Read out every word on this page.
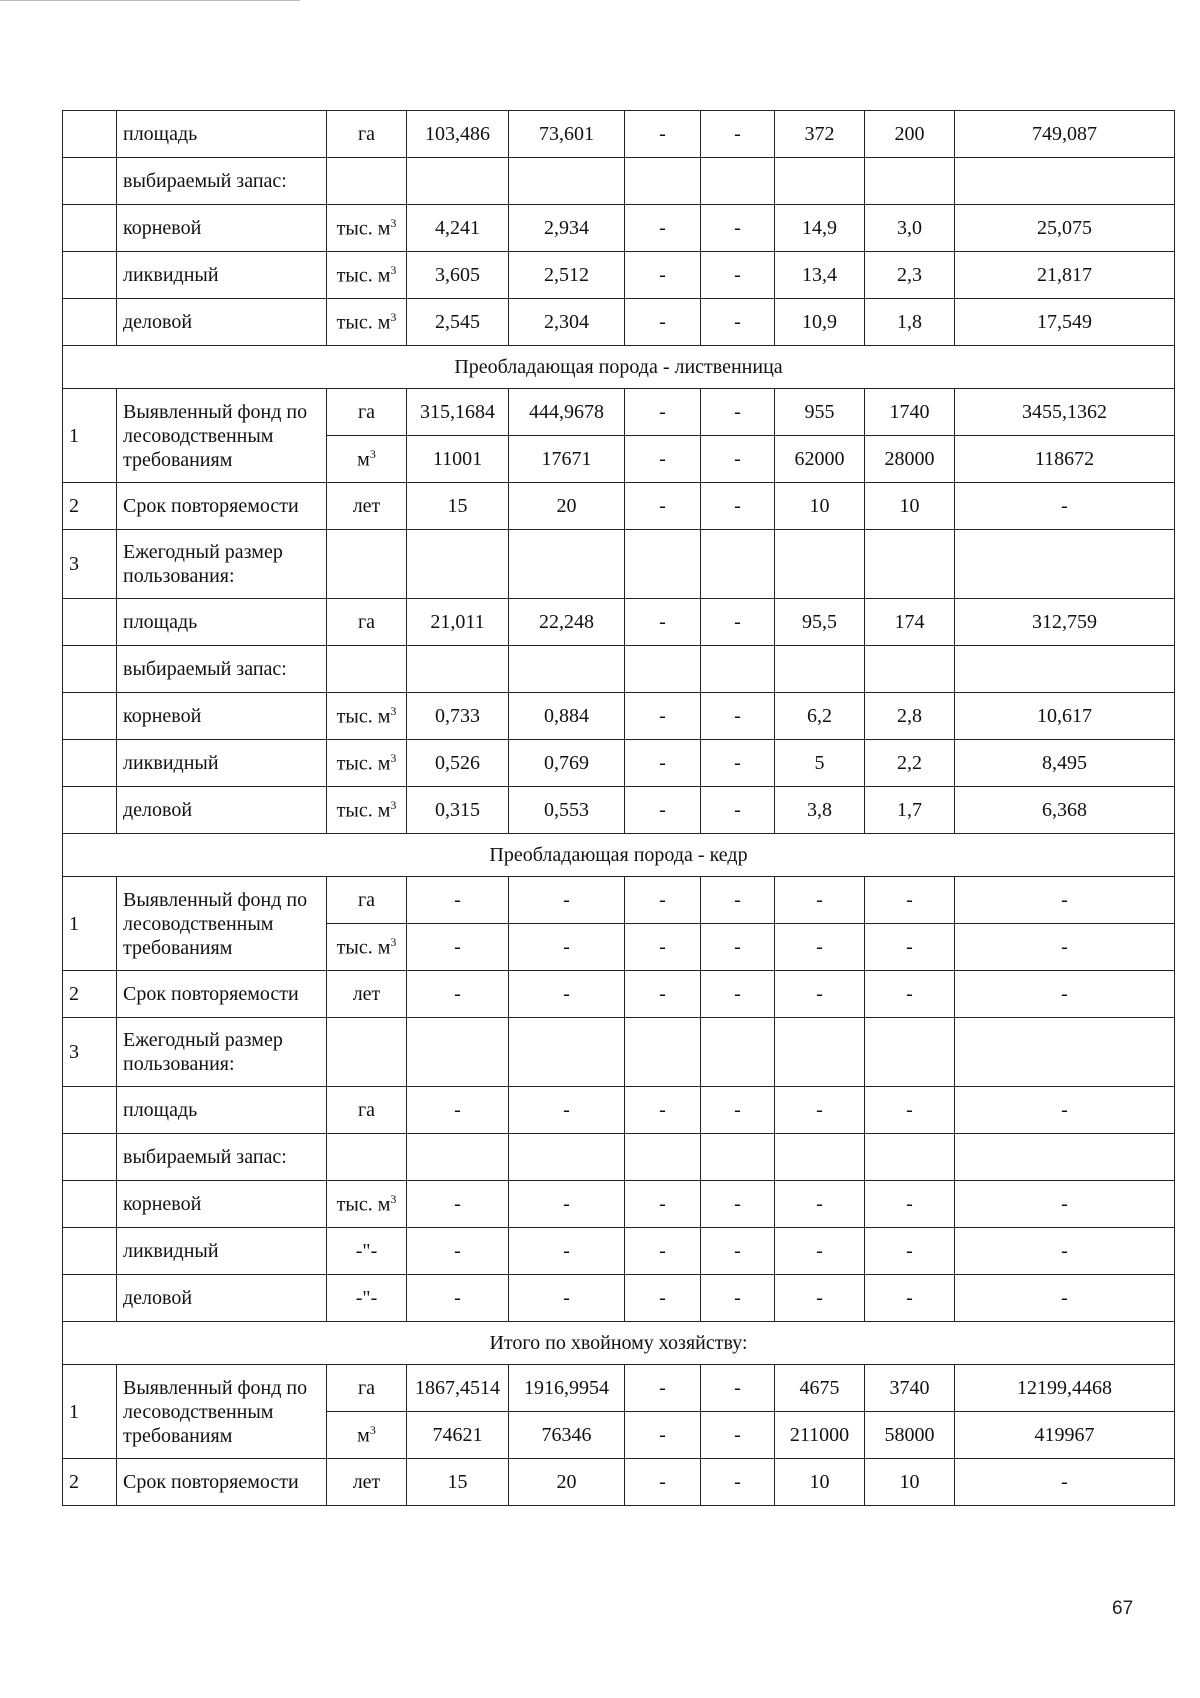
	площадь	га	103,486	73,601	-	-	372	200	749,087
	выбираемый запас:								
	корневой	тыс. $м^3$	4,241	2,934	-	-	14,9	3,0	25,075
	ликвидный	тыс. $м^3$	3,605	2,512	-	-	13,4	2,3	21,817
	деловой	тыс. $м^3$	2,545	2,304	-	-	10,9	1,8	17,549
Преобладающая порода - лиственница									
1	Выявленный фонд по лесоводственным требованиям	га	315,1684	444,9678	-	-	955	1740	3455,1362
		$м^3$	11001	17671	-	-	62000	28000	118672
2	Срок повторяемости	лет	15	20	-	-	10	10	-
3	Ежегодный размер пользования:								
	площадь	га	21,011	22,248	-	-	95,5	174	312,759
	выбираемый запас:								
	корневой	тыс. $м^3$	0,733	0,884	-	-	6,2	2,8	10,617
	ликвидный	тыс. $м^3$	0,526	0,769	-	-	5	2,2	8,495
	деловой	тыс. $м^3$	0,315	0,553	-	-	3,8	1,7	6,368
Преобладающая порода - кедр									
1	Выявленный фонд по лесоводственным требованиям	га	-	-	-	-	-	-	-
		тыс. $м^3$	-	-	-	-	-	-	-
2	Срок повторяемости	лет	-	-	-	-	-	-	-
3	Ежегодный размер пользования:								
	площадь	га	-	-	-	-	-	-	-
	выбираемый запас:								
	корневой	тыс. $м^3$	-	-	-	-	-	-	-
	ликвидный	-"-	-	-	-	-	-	-	-
	деловой	-"-	-	-	-	-	-	-	-
Итого по хвойному хозяйству:									
1	Выявленный фонд по лесоводственным требованиям	га	1867,4514	1916,9954	-	-	4675	3740	12199,4468
		$м^3$	74621	76346	-	-	211000	58000	419967
2	Срок повторяемости	лет	15	20	-	-	10	10	-
67
